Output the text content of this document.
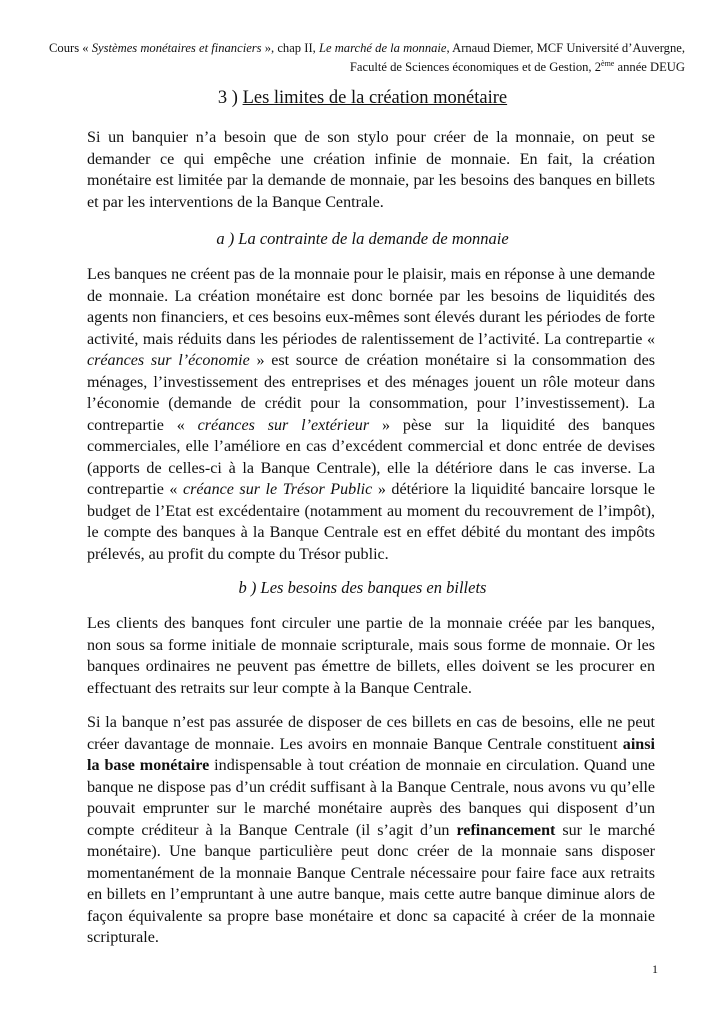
Cours « Systèmes monétaires et financiers », chap II, Le marché de la monnaie, Arnaud Diemer, MCF Université d’Auvergne, Faculté de Sciences économiques et de Gestion, 2ème année DEUG
3 ) Les limites de la création monétaire

Si un banquier n’a besoin que de son stylo pour créer de la monnaie, on peut se demander ce qui empêche une création infinie de monnaie. En fait, la création monétaire est limitée par la demande de monnaie, par les besoins des banques en billets et par les interventions de la Banque Centrale.

a ) La contrainte de la demande de monnaie

Les banques ne créent pas de la monnaie pour le plaisir, mais en réponse à une demande de monnaie. La création monétaire est donc bornée par les besoins de liquidités des agents non financiers, et ces besoins eux-mêmes sont élevés durant les périodes de forte activité, mais réduits dans les périodes de ralentissement de l’activité. La contrepartie « créances sur l’économie » est source de création monétaire si la consommation des ménages, l’investissement des entreprises et des ménages jouent un rôle moteur dans l’économie (demande de crédit pour la consommation, pour l’investissement). La contrepartie « créances sur l’extérieur » pèse sur la liquidité des banques commerciales, elle l’améliore en cas d’excédent commercial et donc entrée de devises (apports de celles-ci à la Banque Centrale), elle la détériore dans le cas inverse. La contrepartie « créance sur le Trésor Public » détériore la liquidité bancaire lorsque le budget de l’Etat est excédentaire (notamment au moment du recouvrement de l’impôt), le compte des banques à la Banque Centrale est en effet débité du montant des impôts prélevés, au profit du compte du Trésor public.

b ) Les besoins des banques en billets

Les clients des banques font circuler une partie de la monnaie créée par les banques, non sous sa forme initiale de monnaie scripturale, mais sous forme de monnaie. Or les banques ordinaires ne peuvent pas émettre de billets, elles doivent se les procurer en effectuant des retraits sur leur compte à la Banque Centrale.

Si la banque n’est pas assurée de disposer de ces billets en cas de besoins, elle ne peut créer davantage de monnaie. Les avoirs en monnaie Banque Centrale constituent ainsi la base monétaire indispensable à tout création de monnaie en circulation. Quand une banque ne dispose pas d’un crédit suffisant à la Banque Centrale, nous avons vu qu’elle pouvait emprunter sur le marché monétaire auprès des banques qui disposent d’un compte créditeur à la Banque Centrale (il s’agit d’un refinancement sur le marché monétaire). Une banque particulière peut donc créer de la monnaie sans disposer momentanément de la monnaie Banque Centrale nécessaire pour faire face aux retraits en billets en l’empruntant à une autre banque, mais cette autre banque diminue alors de façon équivalente sa propre base monétaire et donc sa capacité à créer de la monnaie scripturale.

1
